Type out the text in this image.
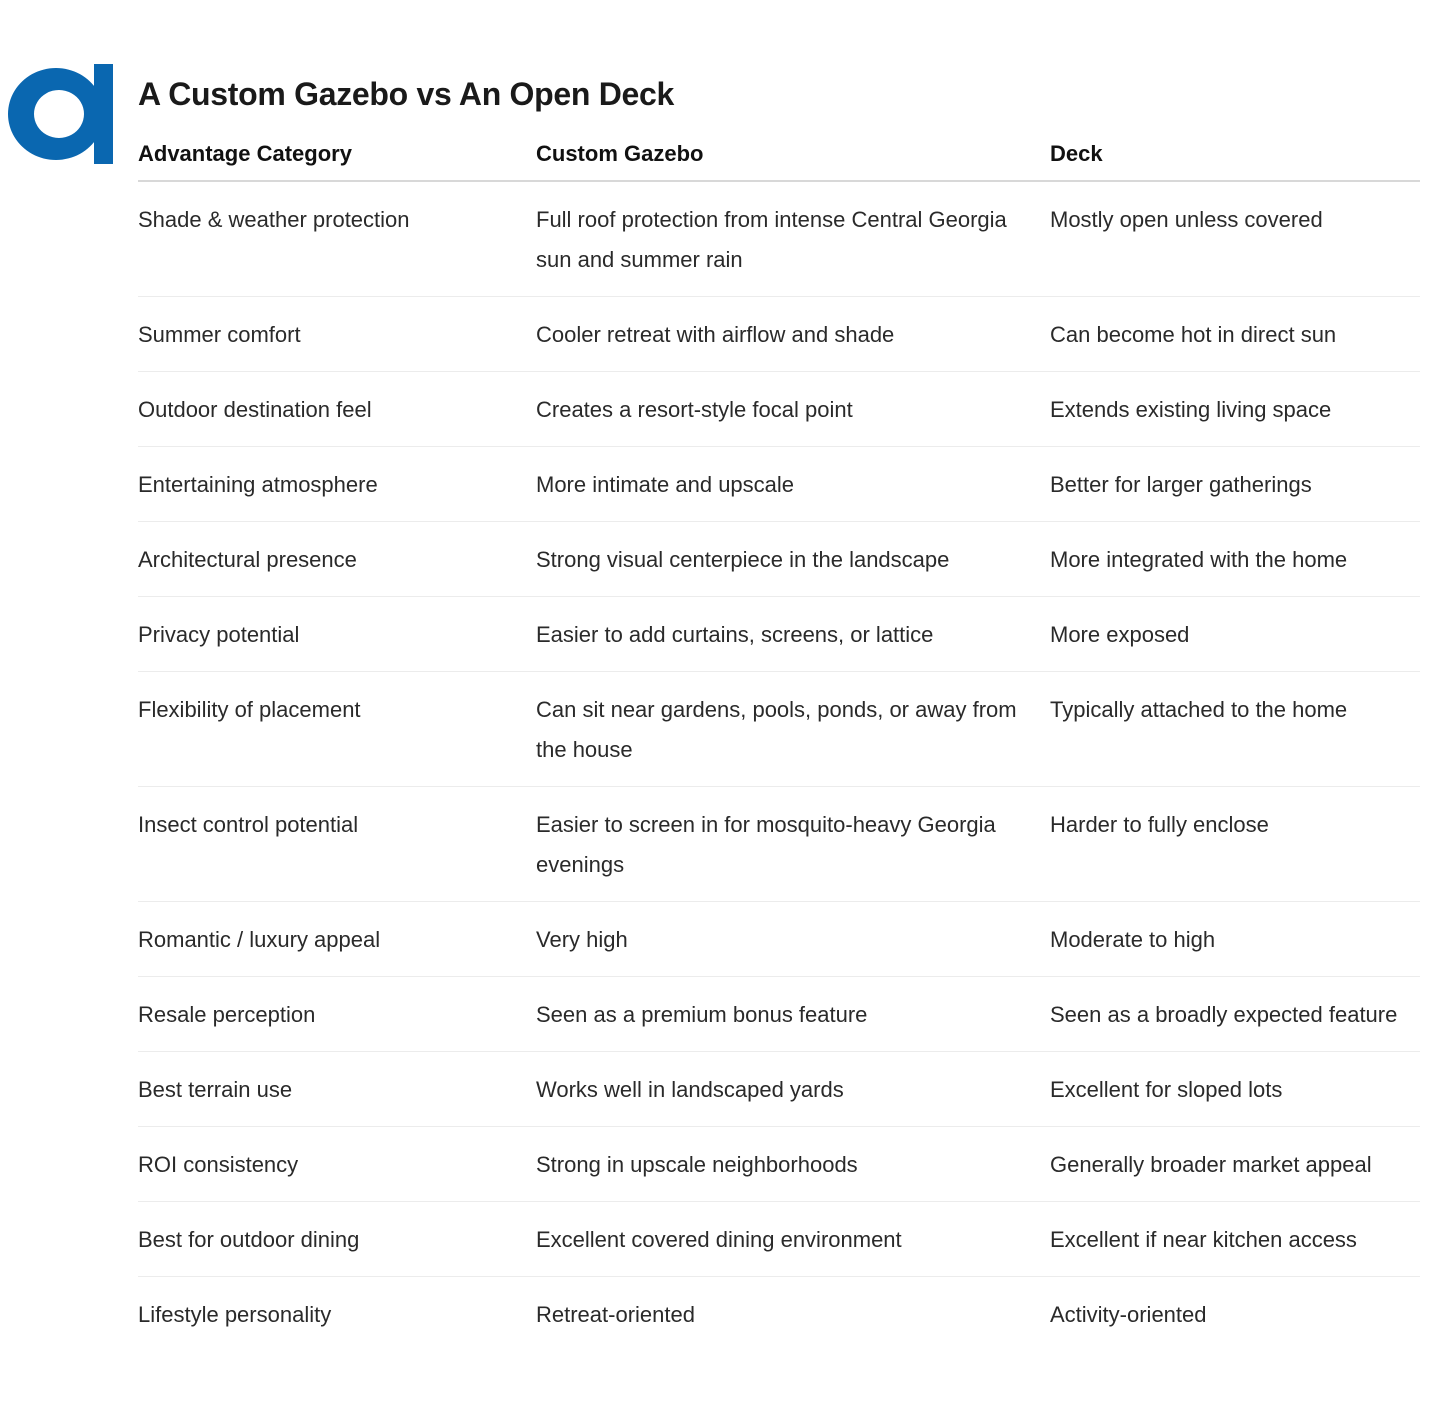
A Custom Gazebo vs An Open Deck
Advantage Category	Custom Gazebo	Deck
Shade & weather protection	Full roof protection from intense Central Georgia sun and summer rain	Mostly open unless covered
Summer comfort	Cooler retreat with airflow and shade	Can become hot in direct sun
Outdoor destination feel	Creates a resort-style focal point	Extends existing living space
Entertaining atmosphere	More intimate and upscale	Better for larger gatherings
Architectural presence	Strong visual centerpiece in the landscape	More integrated with the home
Privacy potential	Easier to add curtains, screens, or lattice	More exposed
Flexibility of placement	Can sit near gardens, pools, ponds, or away from the house	Typically attached to the home
Insect control potential	Easier to screen in for mosquito-heavy Georgia evenings	Harder to fully enclose
Romantic / luxury appeal	Very high	Moderate to high
Resale perception	Seen as a premium bonus feature	Seen as a broadly expected feature
Best terrain use	Works well in landscaped yards	Excellent for sloped lots
ROI consistency	Strong in upscale neighborhoods	Generally broader market appeal
Best for outdoor dining	Excellent covered dining environment	Excellent if near kitchen access
Lifestyle personality	Retreat-oriented	Activity-oriented
